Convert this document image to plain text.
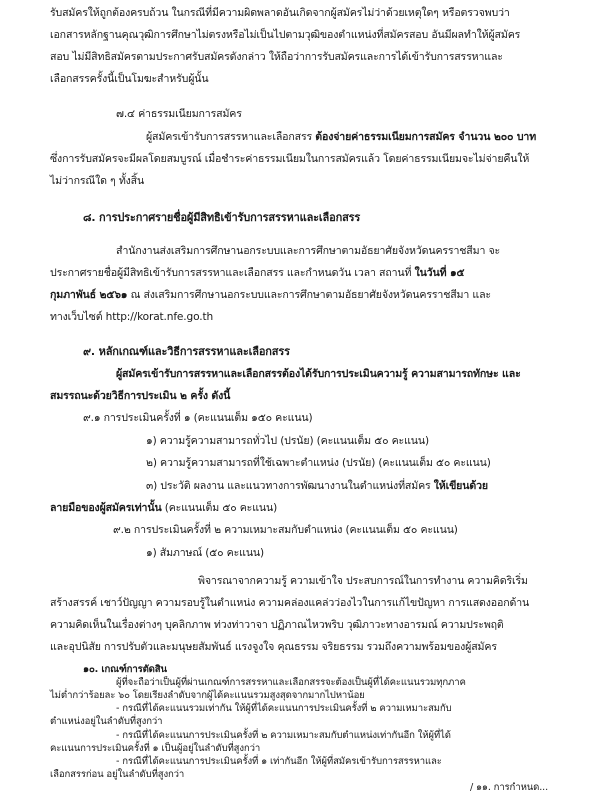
รับสมัครให้ถูกต้องครบถ้วน ในกรณีที่มีความผิดพลาดอันเกิดจากผู้สมัครไม่ว่าด้วยเหตุใดๆ หรือตรวจพบว่า

เอกสารหลักฐานคุณวุฒิการศึกษาไม่ตรงหรือไม่เป็นไปตามวุฒิของตำแหน่งที่สมัครสอบ อันมีผลทำให้ผู้สมัคร

สอบ ไม่มีสิทธิสมัครตามประกาศรับสมัครดังกล่าว ให้ถือว่าการรับสมัครและการได้เข้ารับการสรรหาและ

เลือกสรรครั้งนี้เป็นโมฆะสำหรับผู้นั้น

๗.๔ ค่าธรรมเนียมการสมัคร

ผู้สมัครเข้ารับการสรรหาและเลือกสรร ต้องจ่ายค่าธรรมเนียมการสมัคร จำนวน ๒๐๐ บาท

ซึ่งการรับสมัครจะมีผลโดยสมบูรณ์ เมื่อชำระค่าธรรมเนียมในการสมัครแล้ว โดยค่าธรรมเนียมจะไม่จ่ายคืนให้

ไม่ว่ากรณีใด ๆ ทั้งสิ้น

๘. การประกาศรายชื่อผู้มีสิทธิเข้ารับการสรรหาและเลือกสรร

สำนักงานส่งเสริมการศึกษานอกระบบและการศึกษาตามอัธยาศัยจังหวัดนครราชสีมา จะ

ประกาศรายชื่อผู้มีสิทธิเข้ารับการสรรหาและเลือกสรร และกำหนดวัน เวลา สถานที่ ในวันที่ ๑๕

กุมภาพันธ์ ๒๕๖๑ ณ ส่งเสริมการศึกษานอกระบบและการศึกษาตามอัธยาศัยจังหวัดนครราชสีมา และ

ทางเว็บไซต์ http://korat.nfe.go.th

๙. หลักเกณฑ์และวิธีการสรรหาและเลือกสรร

ผู้สมัครเข้ารับการสรรหาและเลือกสรรต้องได้รับการประเมินความรู้ ความสามารถทักษะ และ

สมรรถนะด้วยวิธีการประเมิน ๒ ครั้ง ดังนี้

๙.๑ การประเมินครั้งที่ ๑ (คะแนนเต็ม ๑๕๐ คะแนน)

๑) ความรู้ความสามารถทั่วไป (ปรนัย) (คะแนนเต็ม ๕๐ คะแนน)

๒) ความรู้ความสามารถที่ใช้เฉพาะตำแหน่ง (ปรนัย) (คะแนนเต็ม ๕๐ คะแนน)

๓) ประวัติ ผลงาน และแนวทางการพัฒนางานในตำแหน่งที่สมัคร ให้เขียนด้วย

ลายมือของผู้สมัครเท่านั้น (คะแนนเต็ม ๕๐ คะแนน)

๙.๒ การประเมินครั้งที่ ๒ ความเหมาะสมกับตำแหน่ง (คะแนนเต็ม ๕๐ คะแนน)

๑) สัมภาษณ์ (๕๐ คะแนน)

พิจารณาจากความรู้ ความเข้าใจ ประสบการณ์ในการทำงาน ความคิดริเริ่ม

สร้างสรรค์ เชาว์ปัญญา ความรอบรู้ในตำแหน่ง ความคล่องแคล่วว่องไวในการแก้ไขปัญหา การแสดงออกด้าน

ความคิดเห็นในเรื่องต่างๆ บุคลิกภาพ ท่วงท่าวาจา ปฏิภาณไหวพริบ วุฒิภาวะทางอารมณ์ ความประพฤติ

และอุปนิสัย การปรับตัวและมนุษยสัมพันธ์ แรงจูงใจ คุณธรรม จริยธรรม รวมถึงความพร้อมของผู้สมัคร

๑๐. เกณฑ์การตัดสิน

ผู้ที่จะถือว่าเป็นผู้ที่ผ่านเกณฑ์การสรรหาและเลือกสรรจะต้องเป็นผู้ที่ได้คะแนนรวมทุกภาค

ไม่ต่ำกว่าร้อยละ ๖๐ โดยเรียงลำดับจากผู้ได้คะแนนรวมสูงสุดจากมากไปหาน้อย

- กรณีที่ได้คะแนนรวมเท่ากัน ให้ผู้ที่ได้คะแนนการประเมินครั้งที่ ๒ ความเหมาะสมกับ

ตำแหน่งอยู่ในลำดับที่สูงกว่า

- กรณีที่ได้คะแนนการประเมินครั้งที่ ๒ ความเหมาะสมกับตำแหน่งเท่ากันอีก ให้ผู้ที่ได้

คะแนนการประเมินครั้งที่ ๑ เป็นผู้อยู่ในลำดับที่สูงกว่า

- กรณีที่ได้คะแนนการประเมินครั้งที่ ๑ เท่ากันอีก ให้ผู้ที่สมัครเข้ารับการสรรหาและ

เลือกสรรก่อน อยู่ในลำดับที่สูงกว่า

/ ๑๑. การกำหนด...
